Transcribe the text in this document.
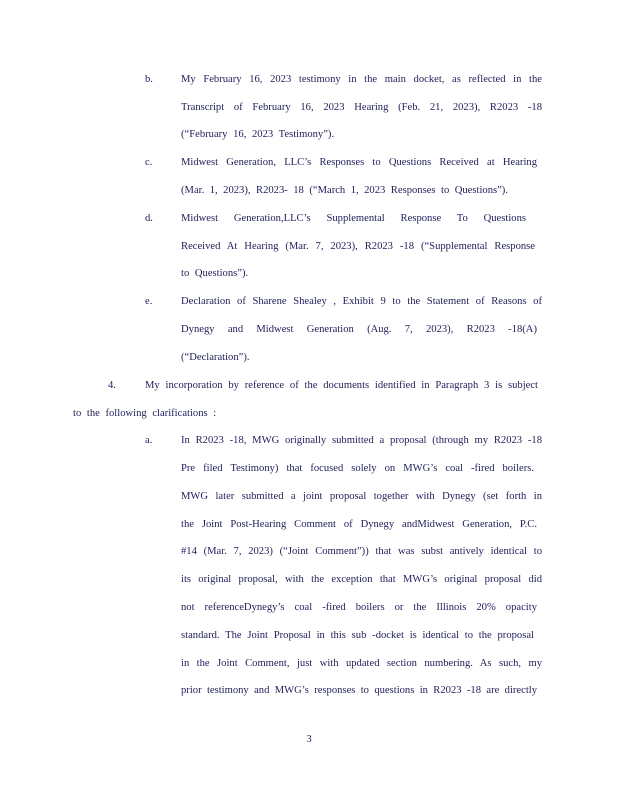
b.	My February 16, 2023 testimony in the main docket, as reflected in the
Transcript of February 16, 2023 Hearing (Feb. 21, 2023), R2023 -18
(“February 16, 2023 Testimony”).
c.	Midwest Generation, LLC’s Responses to Questions Received at Hearing
(Mar. 1, 2023), R2023- 18 (“March 1, 2023 Responses to Questions”).
d.	Midwest Generation,LLC’s Supplemental Response To Questions
Received At Hearing (Mar. 7, 2023), R2023 -18 (“Supplemental Response
to Questions”).
e.	Declaration of Sharene Shealey , Exhibit 9 to the Statement of Reasons of
Dynegy and Midwest Generation (Aug. 7, 2023), R2023 -18(A)
(“Declaration”).
4.	My incorporation by reference of the documents identified in Paragraph 3 is subject
to the following clarifications :
a.	In R2023 -18, MWG originally submitted a proposal (through my R2023 -18
Pre filed Testimony) that focused solely on MWG’s coal -fired boilers.
MWG later submitted a joint proposal together with Dynegy (set forth in
the Joint Post-Hearing Comment of Dynegy andMidwest Generation, P.C.
#14 (Mar. 7, 2023) (“Joint Comment”)) that was subst antively identical to
its original proposal, with the exception that MWG’s original proposal did
not referenceDynegy’s coal -fired boilers or the Illinois 20% opacity
standard. The Joint Proposal in this sub -docket is identical to the proposal
in the Joint Comment, just with updated section numbering. As such, my
prior testimony and MWG’s responses to questions in R2023 -18 are directly
3
